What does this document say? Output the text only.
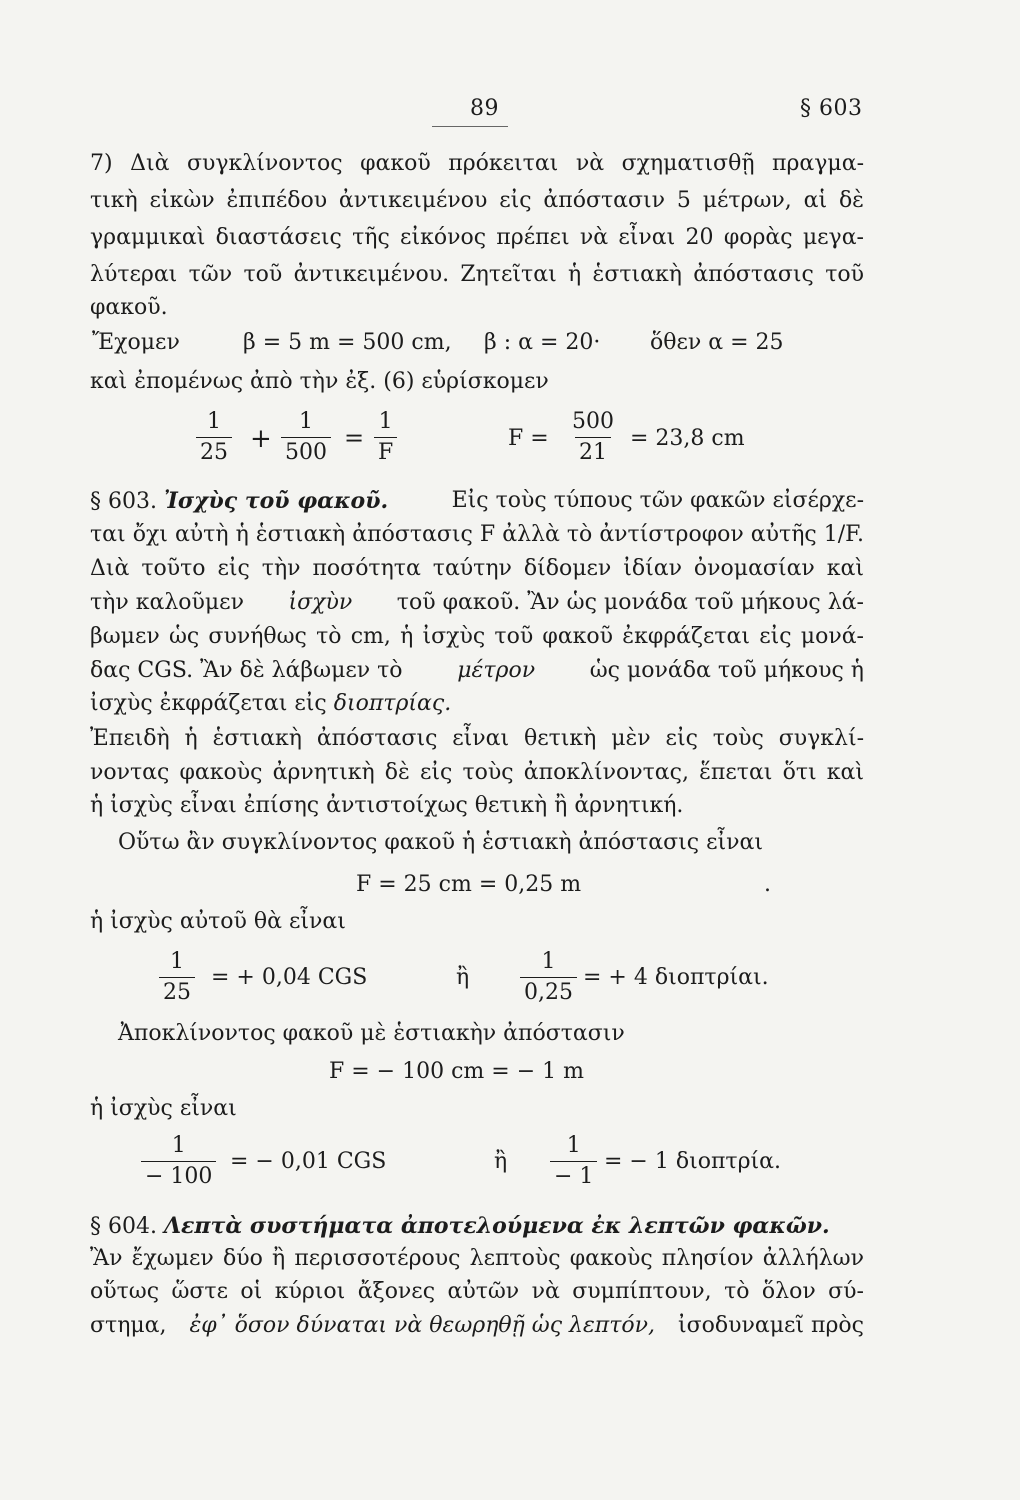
89	§ 603
7) Διὰ συγκλίνοντος φακοῦ πρόκειται νὰ σχηματισθῇ πραγμα-
τικὴ εἰκὼν ἐπιπέδου ἀντικειμένου εἰς ἀπόστασιν 5 μέτρων, αἱ δὲ
γραμμικαὶ διαστάσεις τῆς εἰκόνος πρέπει νὰ εἶναι 20 φορὰς μεγα-
λύτεραι τῶν τοῦ ἀντικειμένου. Ζητεῖται ἡ ἑστιακὴ ἀπόστασις τοῦ
φακοῦ.
Ἔχομεν	β = 5 m = 500 cm, β : α = 20· ὅθεν α = 25
καὶ ἐπομένως ἀπὸ τὴν ἐξ. (6) εὑρίσκομεν
$\frac{1}{25} + \frac{1}{500} = \frac{1}{F}$	$F = \frac{500}{21} = 23,8$ cm
§ 603. Ἰσχὺς τοῦ φακοῦ.	Εἰς τοὺς τύπους τῶν φακῶν εἰσέρχε-
ται ὄχι αὐτὴ ἡ ἑστιακὴ ἀπόστασις F ἀλλὰ τὸ ἀντίστροφον αὐτῆς 1/F.
Διὰ τοῦτο εἰς τὴν ποσότητα ταύτην δίδομεν ἰδίαν ὀνομασίαν καὶ
τὴν καλοῦμεν ἰσχὺν τοῦ φακοῦ. Ἂν ὡς μονάδα τοῦ μήκους λά-
βωμεν ὡς συνήθως τὸ cm, ἡ ἰσχὺς τοῦ φακοῦ ἐκφράζεται εἰς μονά-
δας CGS. Ἂν δὲ λάβωμεν τὸ μέτρον ὡς μονάδα τοῦ μήκους ἡ
ἰσχὺς ἐκφράζεται εἰς διοπτρίας.
Ἐπειδὴ ἡ ἑστιακὴ ἀπόστασις εἶναι θετικὴ μὲν εἰς τοὺς συγκλί-
νοντας φακοὺς ἀρνητικὴ δὲ εἰς τοὺς ἀποκλίνοντας, ἕπεται ὅτι καὶ
ἡ ἰσχὺς εἶναι ἐπίσης ἀντιστοίχως θετικὴ ἢ ἀρνητική.
Οὕτω ἂν συγκλίνοντος φακοῦ ἡ ἑστιακὴ ἀπόστασις εἶναι
F = 25 cm = 0,25 m	.
ἡ ἰσχὺς αὐτοῦ θὰ εἶναι
$\frac{1}{25}$ = + 0,04 CGS	ἢ $\frac{1}{0,25}$ = + 4 διοπτρίαι.
Ἀποκλίνοντος φακοῦ μὲ ἑστιακὴν ἀπόστασιν
F = − 100 cm = − 1 m
ἡ ἰσχὺς εἶναι
$\frac{1}{- 100}$ = − 0,01 CGS	ἢ $\frac{1}{- 1}$ = − 1 διοπτρία.
§ 604. Λεπτὰ συστήματα ἀποτελούμενα ἐκ λεπτῶν φακῶν.
Ἂν ἔχωμεν δύο ἢ περισσοτέρους λεπτοὺς φακοὺς πλησίον ἀλλήλων
οὕτως ὥστε οἱ κύριοι ἄξονες αὐτῶν νὰ συμπίπτουν, τὸ ὅλον σύ-
στημα, ἐφ᾽ ὅσον δύναται νὰ θεωρηθῇ ὡς λεπτόν, ἰσοδυναμεῖ πρὸς
